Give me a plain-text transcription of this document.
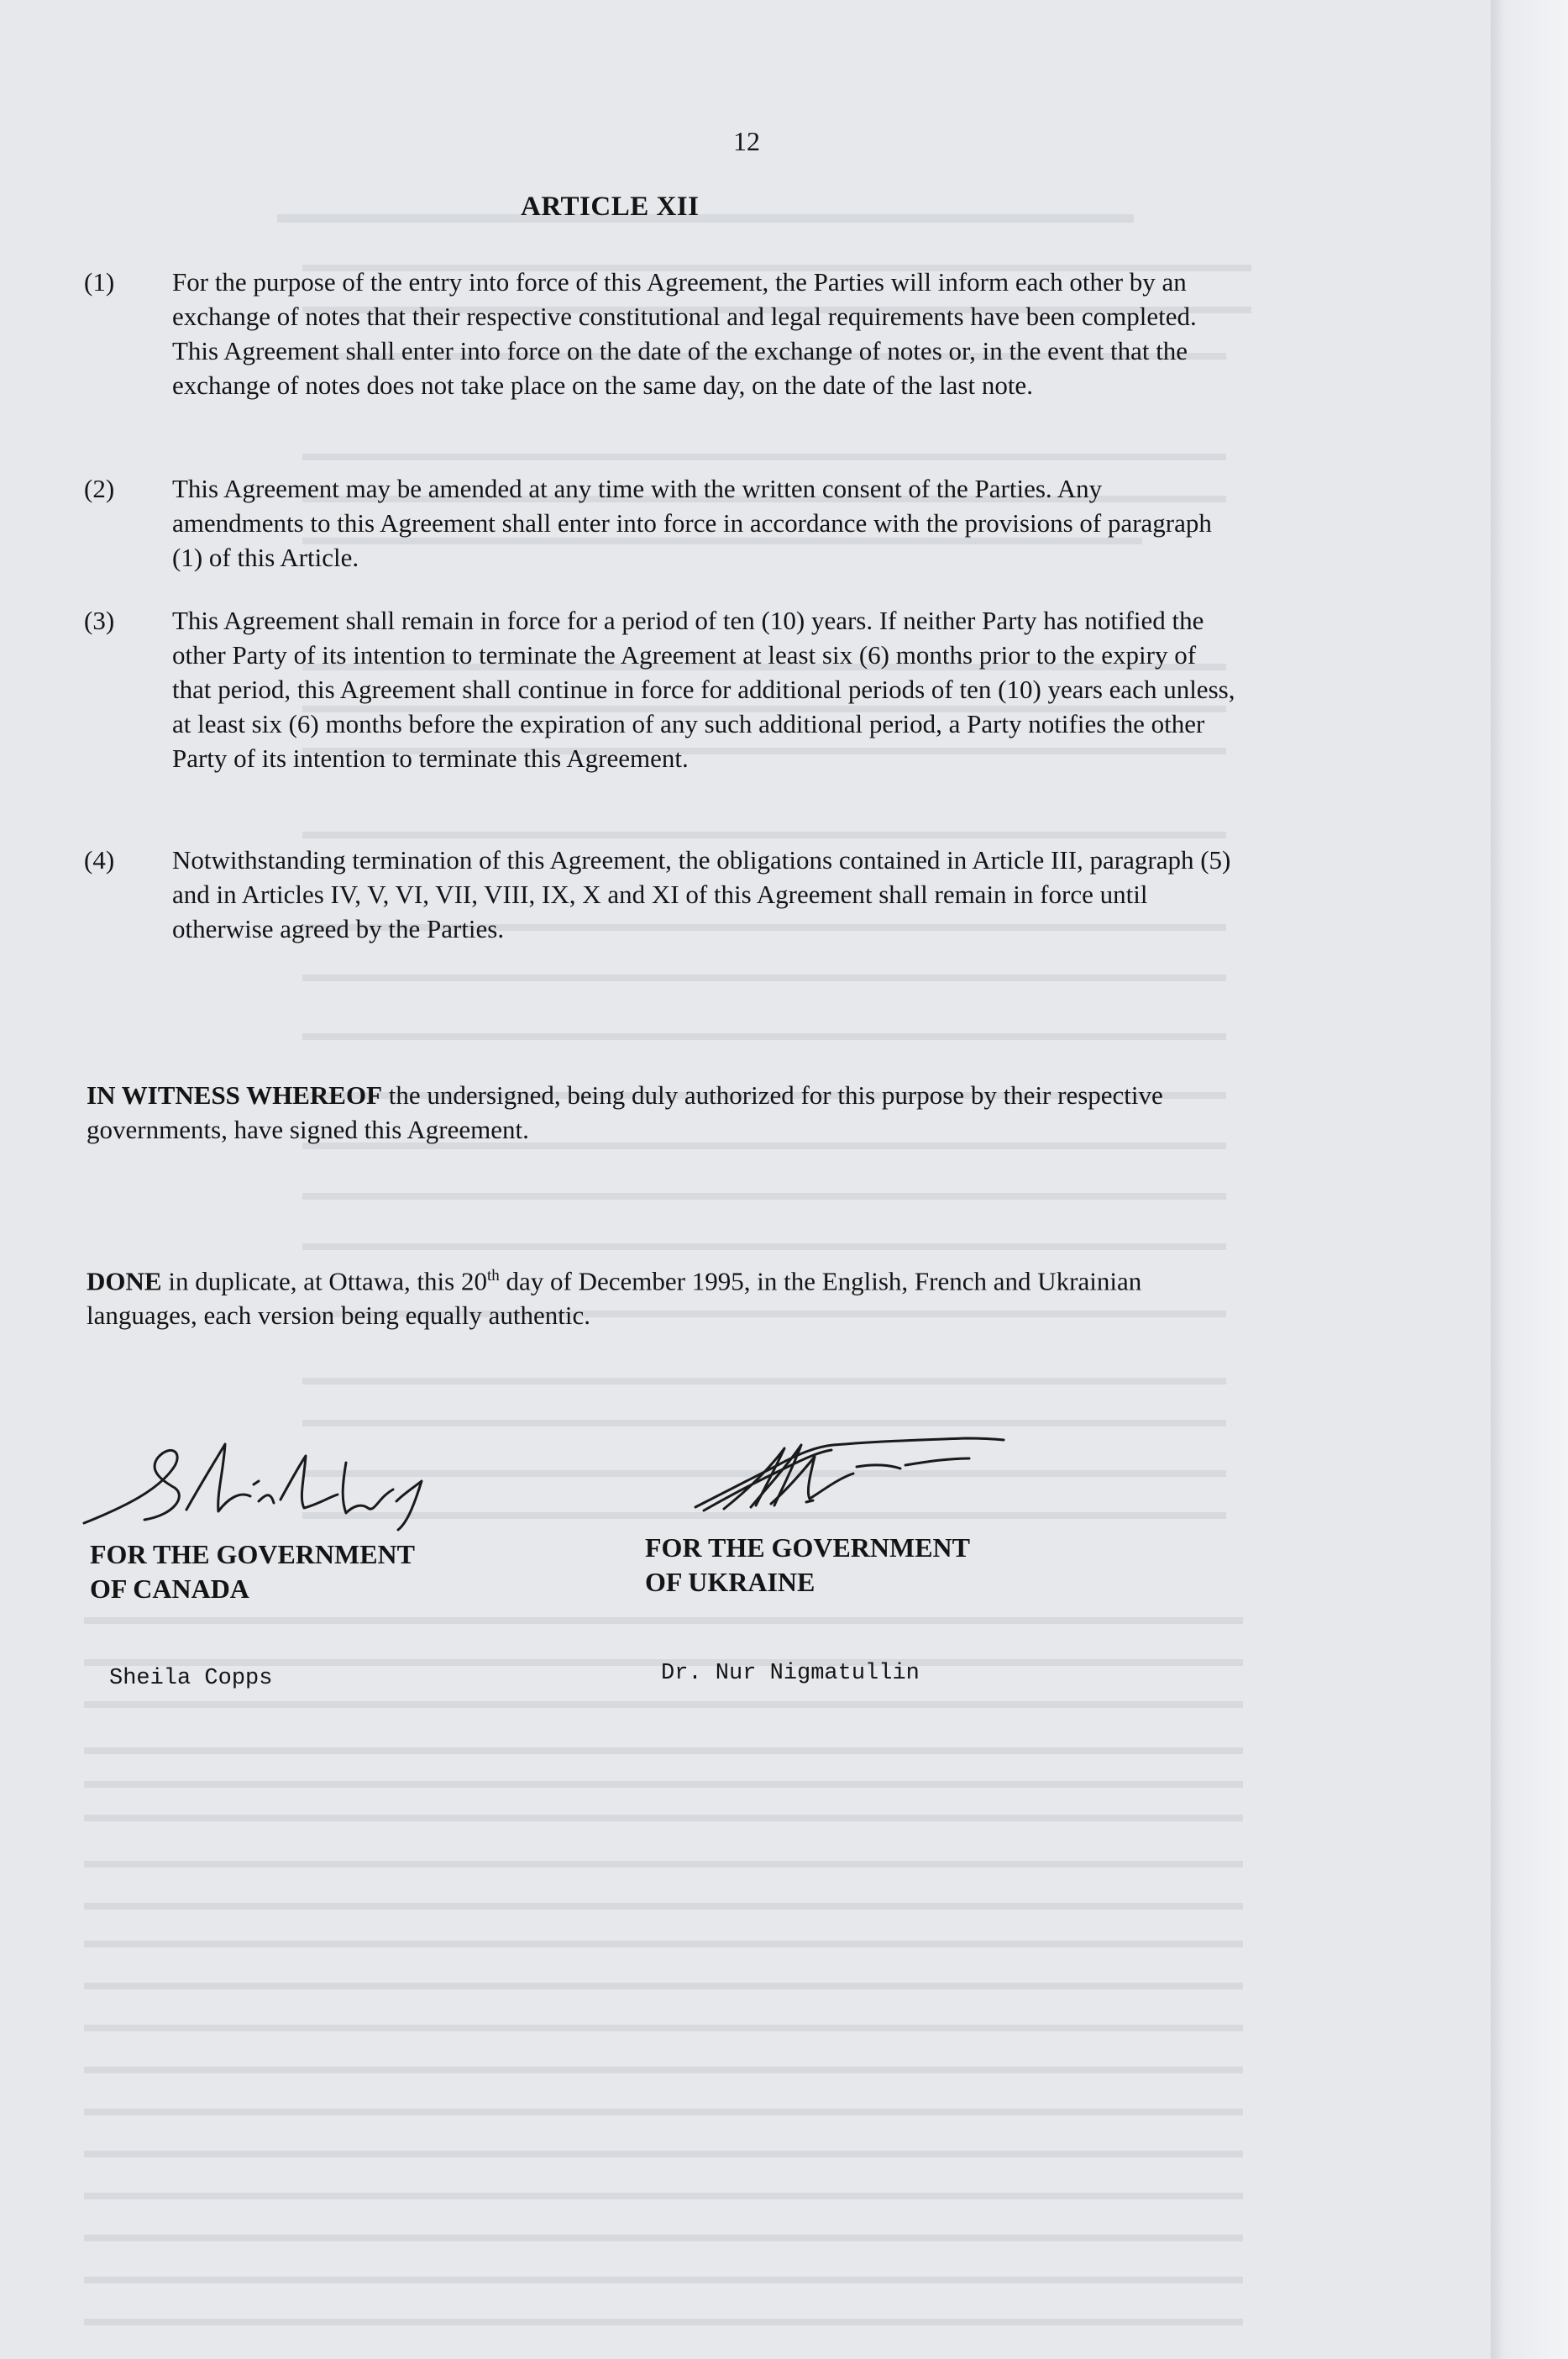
12
ARTICLE XII
(1) For the purpose of the entry into force of this Agreement, the Parties will inform each other by an exchange of notes that their respective constitutional and legal requirements have been completed. This Agreement shall enter into force on the date of the exchange of notes or, in the event that the exchange of notes does not take place on the same day, on the date of the last note.
(2) This Agreement may be amended at any time with the written consent of the Parties. Any amendments to this Agreement shall enter into force in accordance with the provisions of paragraph (1) of this Article.
(3) This Agreement shall remain in force for a period of ten (10) years. If neither Party has notified the other Party of its intention to terminate the Agreement at least six (6) months prior to the expiry of that period, this Agreement shall continue in force for additional periods of ten (10) years each unless, at least six (6) months before the expiration of any such additional period, a Party notifies the other Party of its intention to terminate this Agreement.
(4) Notwithstanding termination of this Agreement, the obligations contained in Article III, paragraph (5) and in Articles IV, V, VI, VII, VIII, IX, X and XI of this Agreement shall remain in force until otherwise agreed by the Parties.
IN WITNESS WHEREOF the undersigned, being duly authorized for this purpose by their respective governments, have signed this Agreement.
DONE in duplicate, at Ottawa, this 20th day of December 1995, in the English, French and Ukrainian languages, each version being equally authentic.
FOR THE GOVERNMENT
OF CANADA
FOR THE GOVERNMENT
OF UKRAINE
Sheila Copps	Dr. Nur Nigmatullin
